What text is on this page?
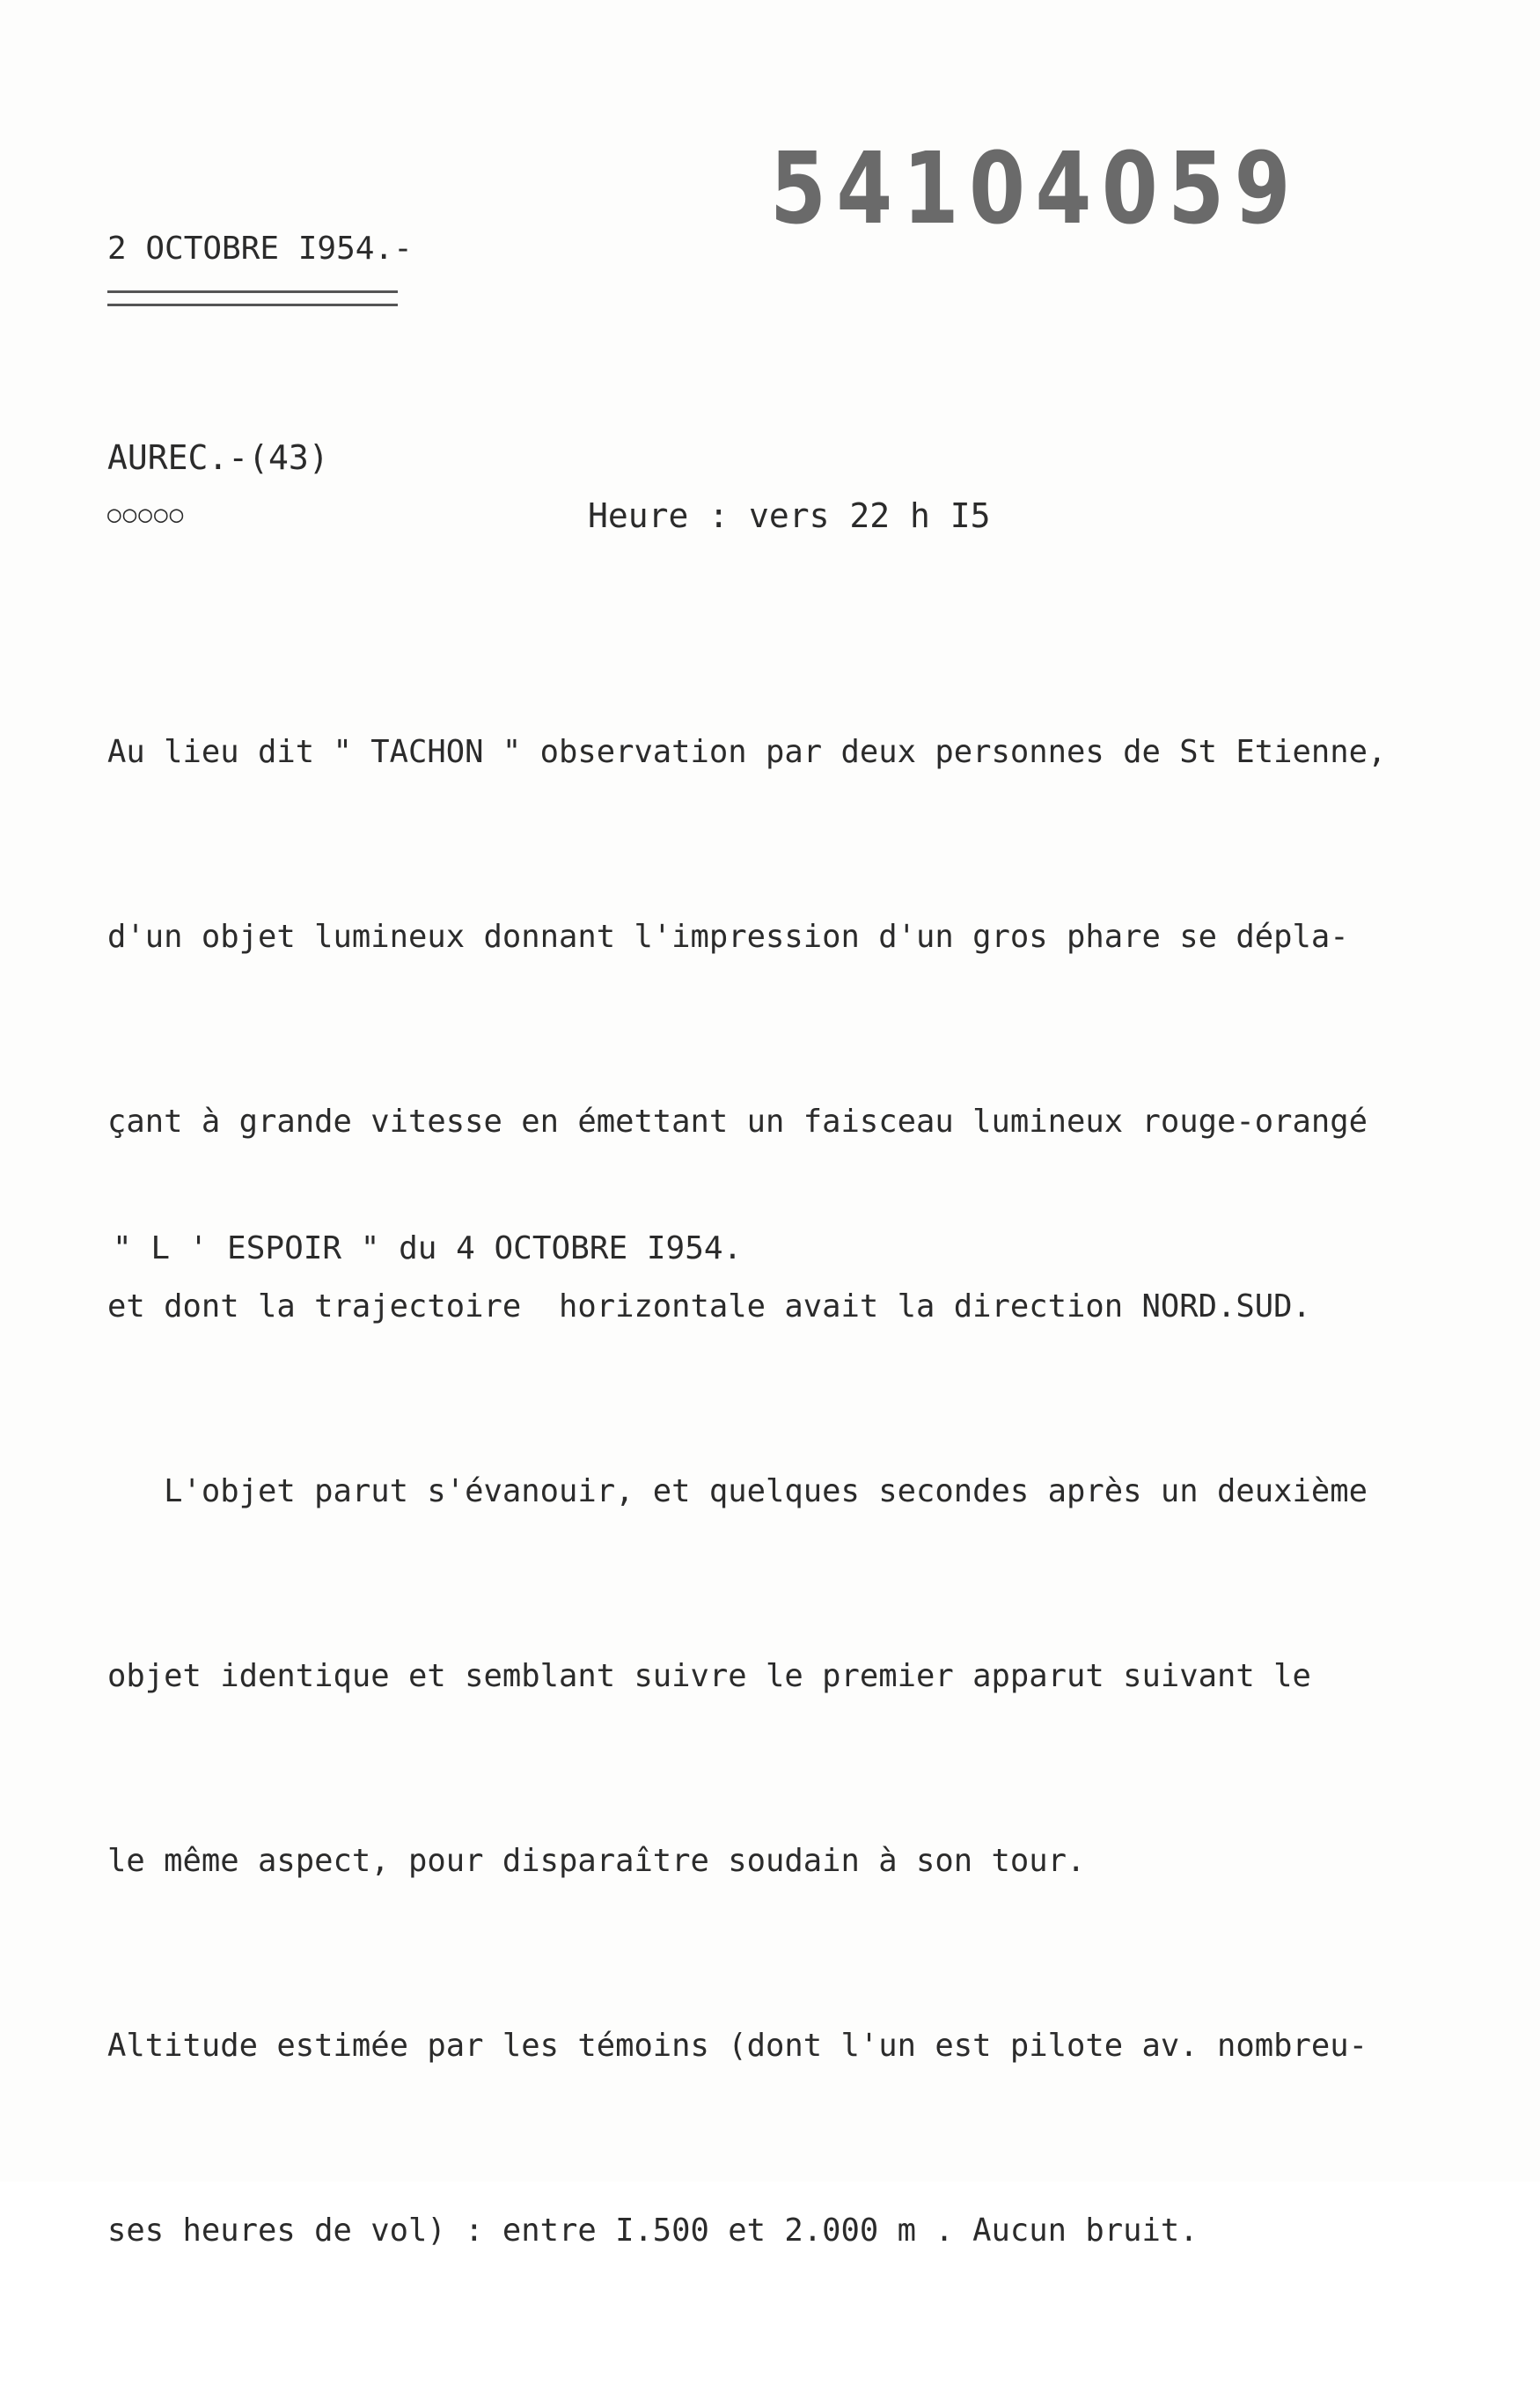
54104059
2 OCTOBRE I954.-
AUREC.-(43)
○○○○○	Heure : vers 22 h I5

Au lieu dit " TACHON " observation par deux personnes de St Etienne,

d'un objet lumineux donnant l'impression d'un gros phare se dépla-

çant à grande vitesse en émettant un faisceau lumineux rouge-orangé

et dont la trajectoire  horizontale avait la direction NORD.SUD.

L'objet parut s'évanouir, et quelques secondes après un deuxième

objet identique et semblant suivre le premier apparut suivant le

le même aspect, pour disparaître soudain à son tour.

Altitude estimée par les témoins (dont l'un est pilote av. nombreu-

ses heures de vol) : entre I.500 et 2.000 m . Aucun bruit.

" L ' ESPOIR " du 4 OCTOBRE I954.
